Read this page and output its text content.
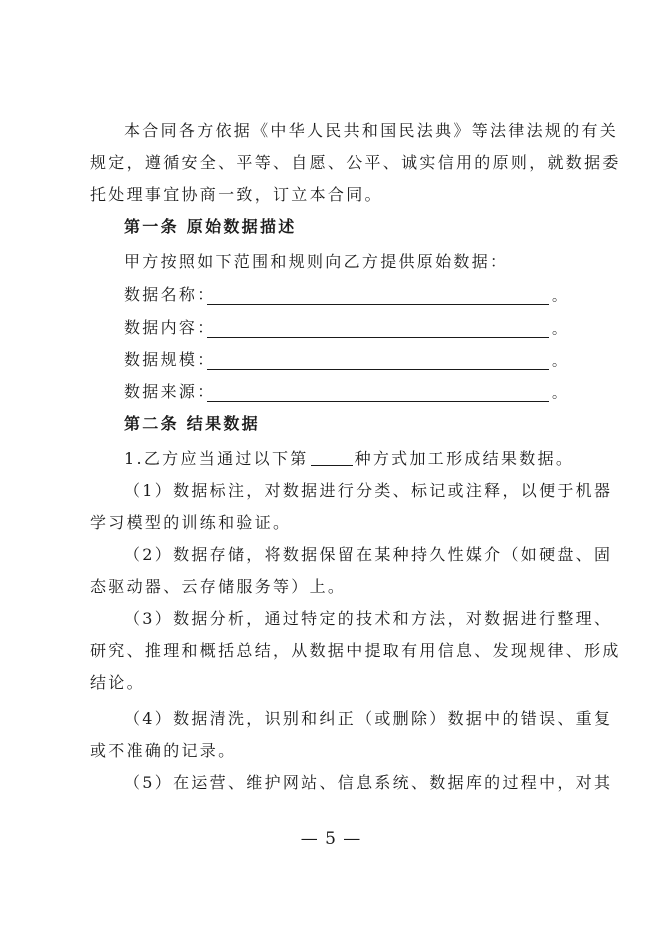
本合同各方依据《中华人民共和国民法典》等法律法规的有关
规定，遵循安全、平等、自愿、公平、诚实信用的原则，就数据委
托处理事宜协商一致，订立本合同。
第一条 原始数据描述
甲方按照如下范围和规则向乙方提供原始数据：
数据名称：	。
数据内容：	。
数据规模：	。
数据来源：	。
第二条 结果数据
1.乙方应当通过以下第	种方式加工形成结果数据。
（1）数据标注，对数据进行分类、标记或注释，以便于机器
学习模型的训练和验证。
（2）数据存储，将数据保留在某种持久性媒介（如硬盘、固
态驱动器、云存储服务等）上。
（3）数据分析，通过特定的技术和方法，对数据进行整理、
研究、推理和概括总结，从数据中提取有用信息、发现规律、形成
结论。
（4）数据清洗，识别和纠正（或删除）数据中的错误、重复
或不准确的记录。
（5）在运营、维护网站、信息系统、数据库的过程中，对其
— 5 —
